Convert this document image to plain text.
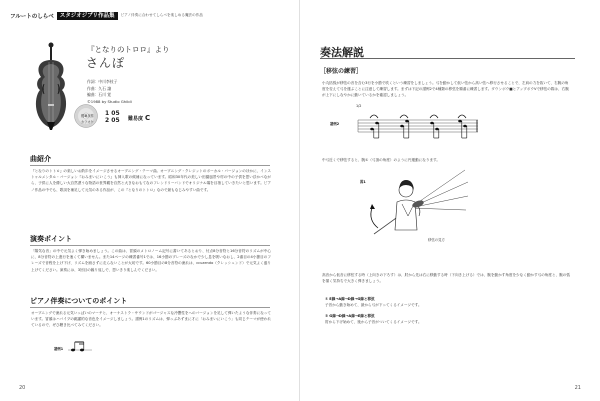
フルートのしらべ	スタジオジブリ作品集	ピアノ伴奏に合わせてしらべを楽しめる魔法の作品
『となりのトロロ』より
さんぽ
作詞：中川李枝子
作曲：久石 譲
編曲：石川 覚
©1988 by Studio Ghibli
模範演奏
カラオケ
1 05
2 05 難易度 C
曲紹介
『となりのトトロ』の楽しいお散歩をイメージさせるオープニング・テーマ曲。オープニング・クレジットのボーカル・バージョンのほかに、インストゥルメンタル・バージョン『おみまいにいこう』も挿入歌の候補になっています。昭和30年代の美しい田園風景や村の中の子供を思い浮かべながら、子供に人を優しい大自然漂うな物語の世界観を自然と大きなおもてなのフレンドリーバンドでオリジナル場を目指していきたいと思います。ピアノ作品の中でも、歌詞を補足して元気のある作品が、この『となりのトトロ』なので最もなじみやすい曲です。
演奏ポイント
「陽気な音」の中で元気よく弾き始めましょう。この曲は、冒頭のメトロノーム記号に書いてあるとおり、付点8分音符と16分音符のリズムが中心に、8分音符の上進行を速くて構いません。また14ページの練習番号1では、16小節のプレーズのなかで少し息を吸いなおし、2番目の4小節目のフレーズで音程を上げ下げ、リズムを崩さずに走らないことが大切です。60小節目の8分音符の流れは、ccuzendo（クレッシェンド）で元気よく盛り上げてください。演奏には、3回目の繰り返しで、思いきり楽しんでください。
ピアノ伴奏についてのポイント
オープニングで流れる元気いっぱいのマーチと、オーケストラ・サウンドがゴージャスな冷響性をへのバージョンを足して弾いたような伴奏になっています。冒頭はハバイプの跳躍的な音色をイメージしましょう。譜例1のリズムは、弾っぷあずまに才に「おみまいにいこう」も同じテーマが使われているので、ぜひ聴き比べてみてください。
譜例1
20
奏法解説
［移弦の練習］
小丸括弧が移弦の音を含む3行を小節で吹くという練習をしましょう。弓を動かして低い弦から高い弦へ移行させることで、左肩の力を抜いて、右腕の角度を変えて弓を運ぶことに注意して練習します。まずは下記の譜例2で4種類の移弦を順番に練習します。ダウンボウ■とアップボウVで移弦の際は、右腕が上下にしなやかに動いているかを確認しましょう。
譜例2
1/2
中弓近くで移弦すると、腕①（弓頂の角度）のように円運動になります。
図1
移弦の見方
高音から低音に移弦する時（上向きの下ろす）は、肘から先は右に移動する時（下向き上げる）では、腕を動かす角度を少なく動かす弓の角度と、腕の弧を描く気持ちで大きく弾きましょう。
① E線→A線→D線→G線と移弦
子首から動き始めて、最から弓が下ってくるイメージです。
② G線→D線→A線→E線と移弦
肘から下げ始めて、後から子首がついてくるイメージです。
21
